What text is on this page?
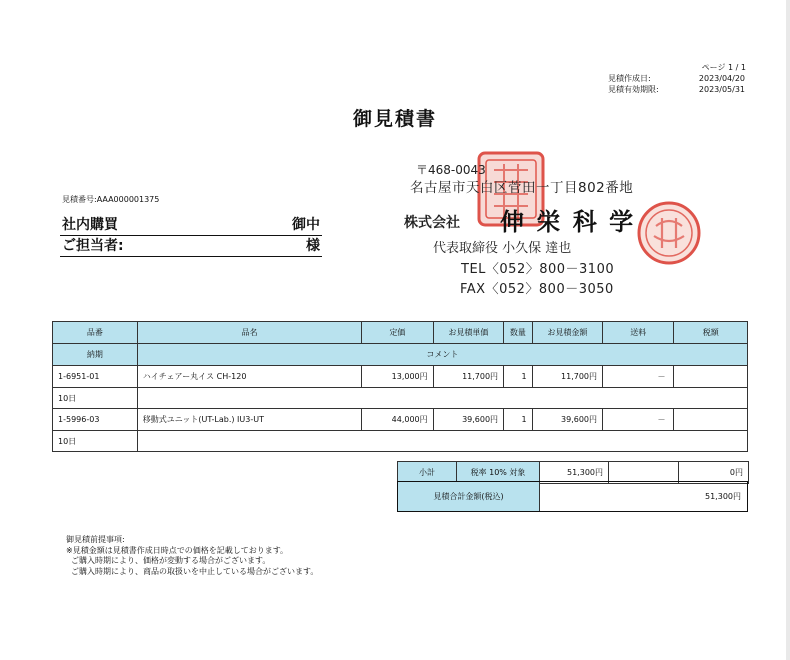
ページ 1 / 1
見積作成日:	2023/04/20
見積有効期限:	2023/05/31
御見積書
見積番号:AAA000001375
社内購買	御中
ご担当者:	様
〒468-0043
名古屋市天白区菅田一丁目802番地
株式会社 伸 栄 科 学
代表取締役 小久保 達也
TEL〈052〉800－3100
FAX〈052〉800－3050
品番	品名	定価	お見積単価	数量	お見積金額	送料	税額
納期	コメント						
1-6951-01	ハイチェアー丸イス CH-120	13,000円	11,700円	1	11,700円	－	
10日							
1-5996-03	移動式ユニット(UT-Lab.) IU3-UT	44,000円	39,600円	1	39,600円	－	
10日							
小計	税率 10% 対象	51,300円		0円
見積合計金額(税込)	51,300円
御見積前提事項:
※見積金額は見積書作成日時点での価格を記載しております。
ご購入時期により、価格が変動する場合がございます。
ご購入時期により、商品の取扱いを中止している場合がございます。
